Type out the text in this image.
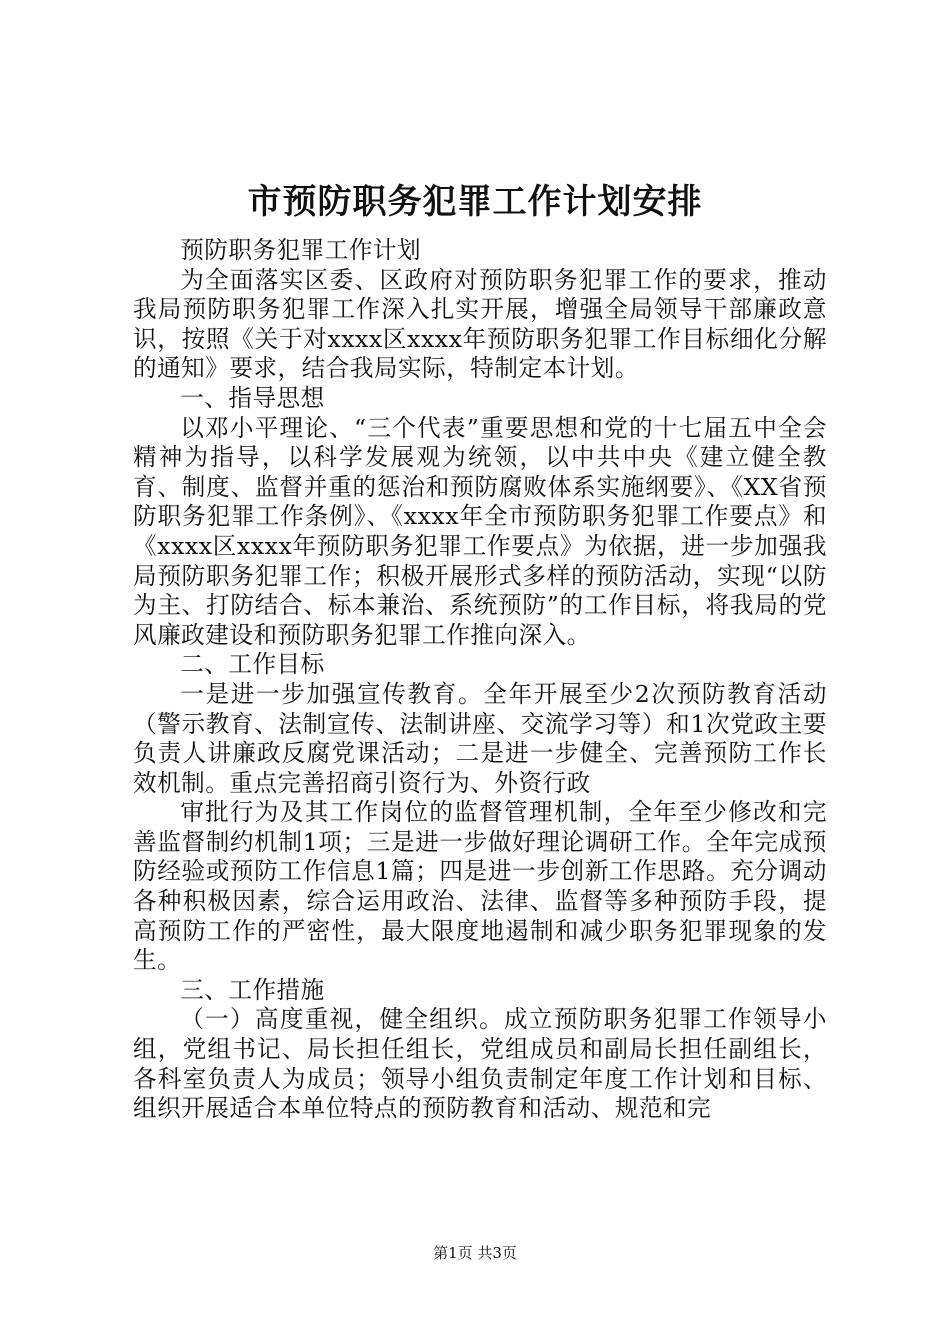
市预防职务犯罪工作计划安排

预防职务犯罪工作计划

为全面落实区委、区政府对预防职务犯罪工作的要求，推动我局预防职务犯罪工作深入扎实开展，增强全局领导干部廉政意识，按照《关于对xxxx区xxxx年预防职务犯罪工作目标细化分解的通知》要求，结合我局实际，特制定本计划。

一、指导思想

以邓小平理论、“三个代表”重要思想和党的十七届五中全会精神为指导，以科学发展观为统领，以中共中央《建立健全教育、制度、监督并重的惩治和预防腐败体系实施纲要》、《XX省预防职务犯罪工作条例》、《xxxx年全市预防职务犯罪工作要点》和《xxxx区xxxx年预防职务犯罪工作要点》为依据，进一步加强我局预防职务犯罪工作；积极开展形式多样的预防活动，实现“以防为主、打防结合、标本兼治、系统预防”的工作目标，将我局的党风廉政建设和预防职务犯罪工作推向深入。

二、工作目标

一是进一步加强宣传教育。全年开展至少2次预防教育活动（警示教育、法制宣传、法制讲座、交流学习等）和1次党政主要负责人讲廉政反腐党课活动；二是进一步健全、完善预防工作长效机制。重点完善招商引资行为、外资行政

审批行为及其工作岗位的监督管理机制，全年至少修改和完善监督制约机制1项；三是进一步做好理论调研工作。全年完成预防经验或预防工作信息1篇；四是进一步创新工作思路。充分调动各种积极因素，综合运用政治、法律、监督等多种预防手段，提高预防工作的严密性，最大限度地遏制和减少职务犯罪现象的发生。

三、工作措施

（一）高度重视，健全组织。成立预防职务犯罪工作领导小组，党组书记、局长担任组长，党组成员和副局长担任副组长，各科室负责人为成员；领导小组负责制定年度工作计划和目标、组织开展适合本单位特点的预防教育和活动、规范和完

第1页 共3页
